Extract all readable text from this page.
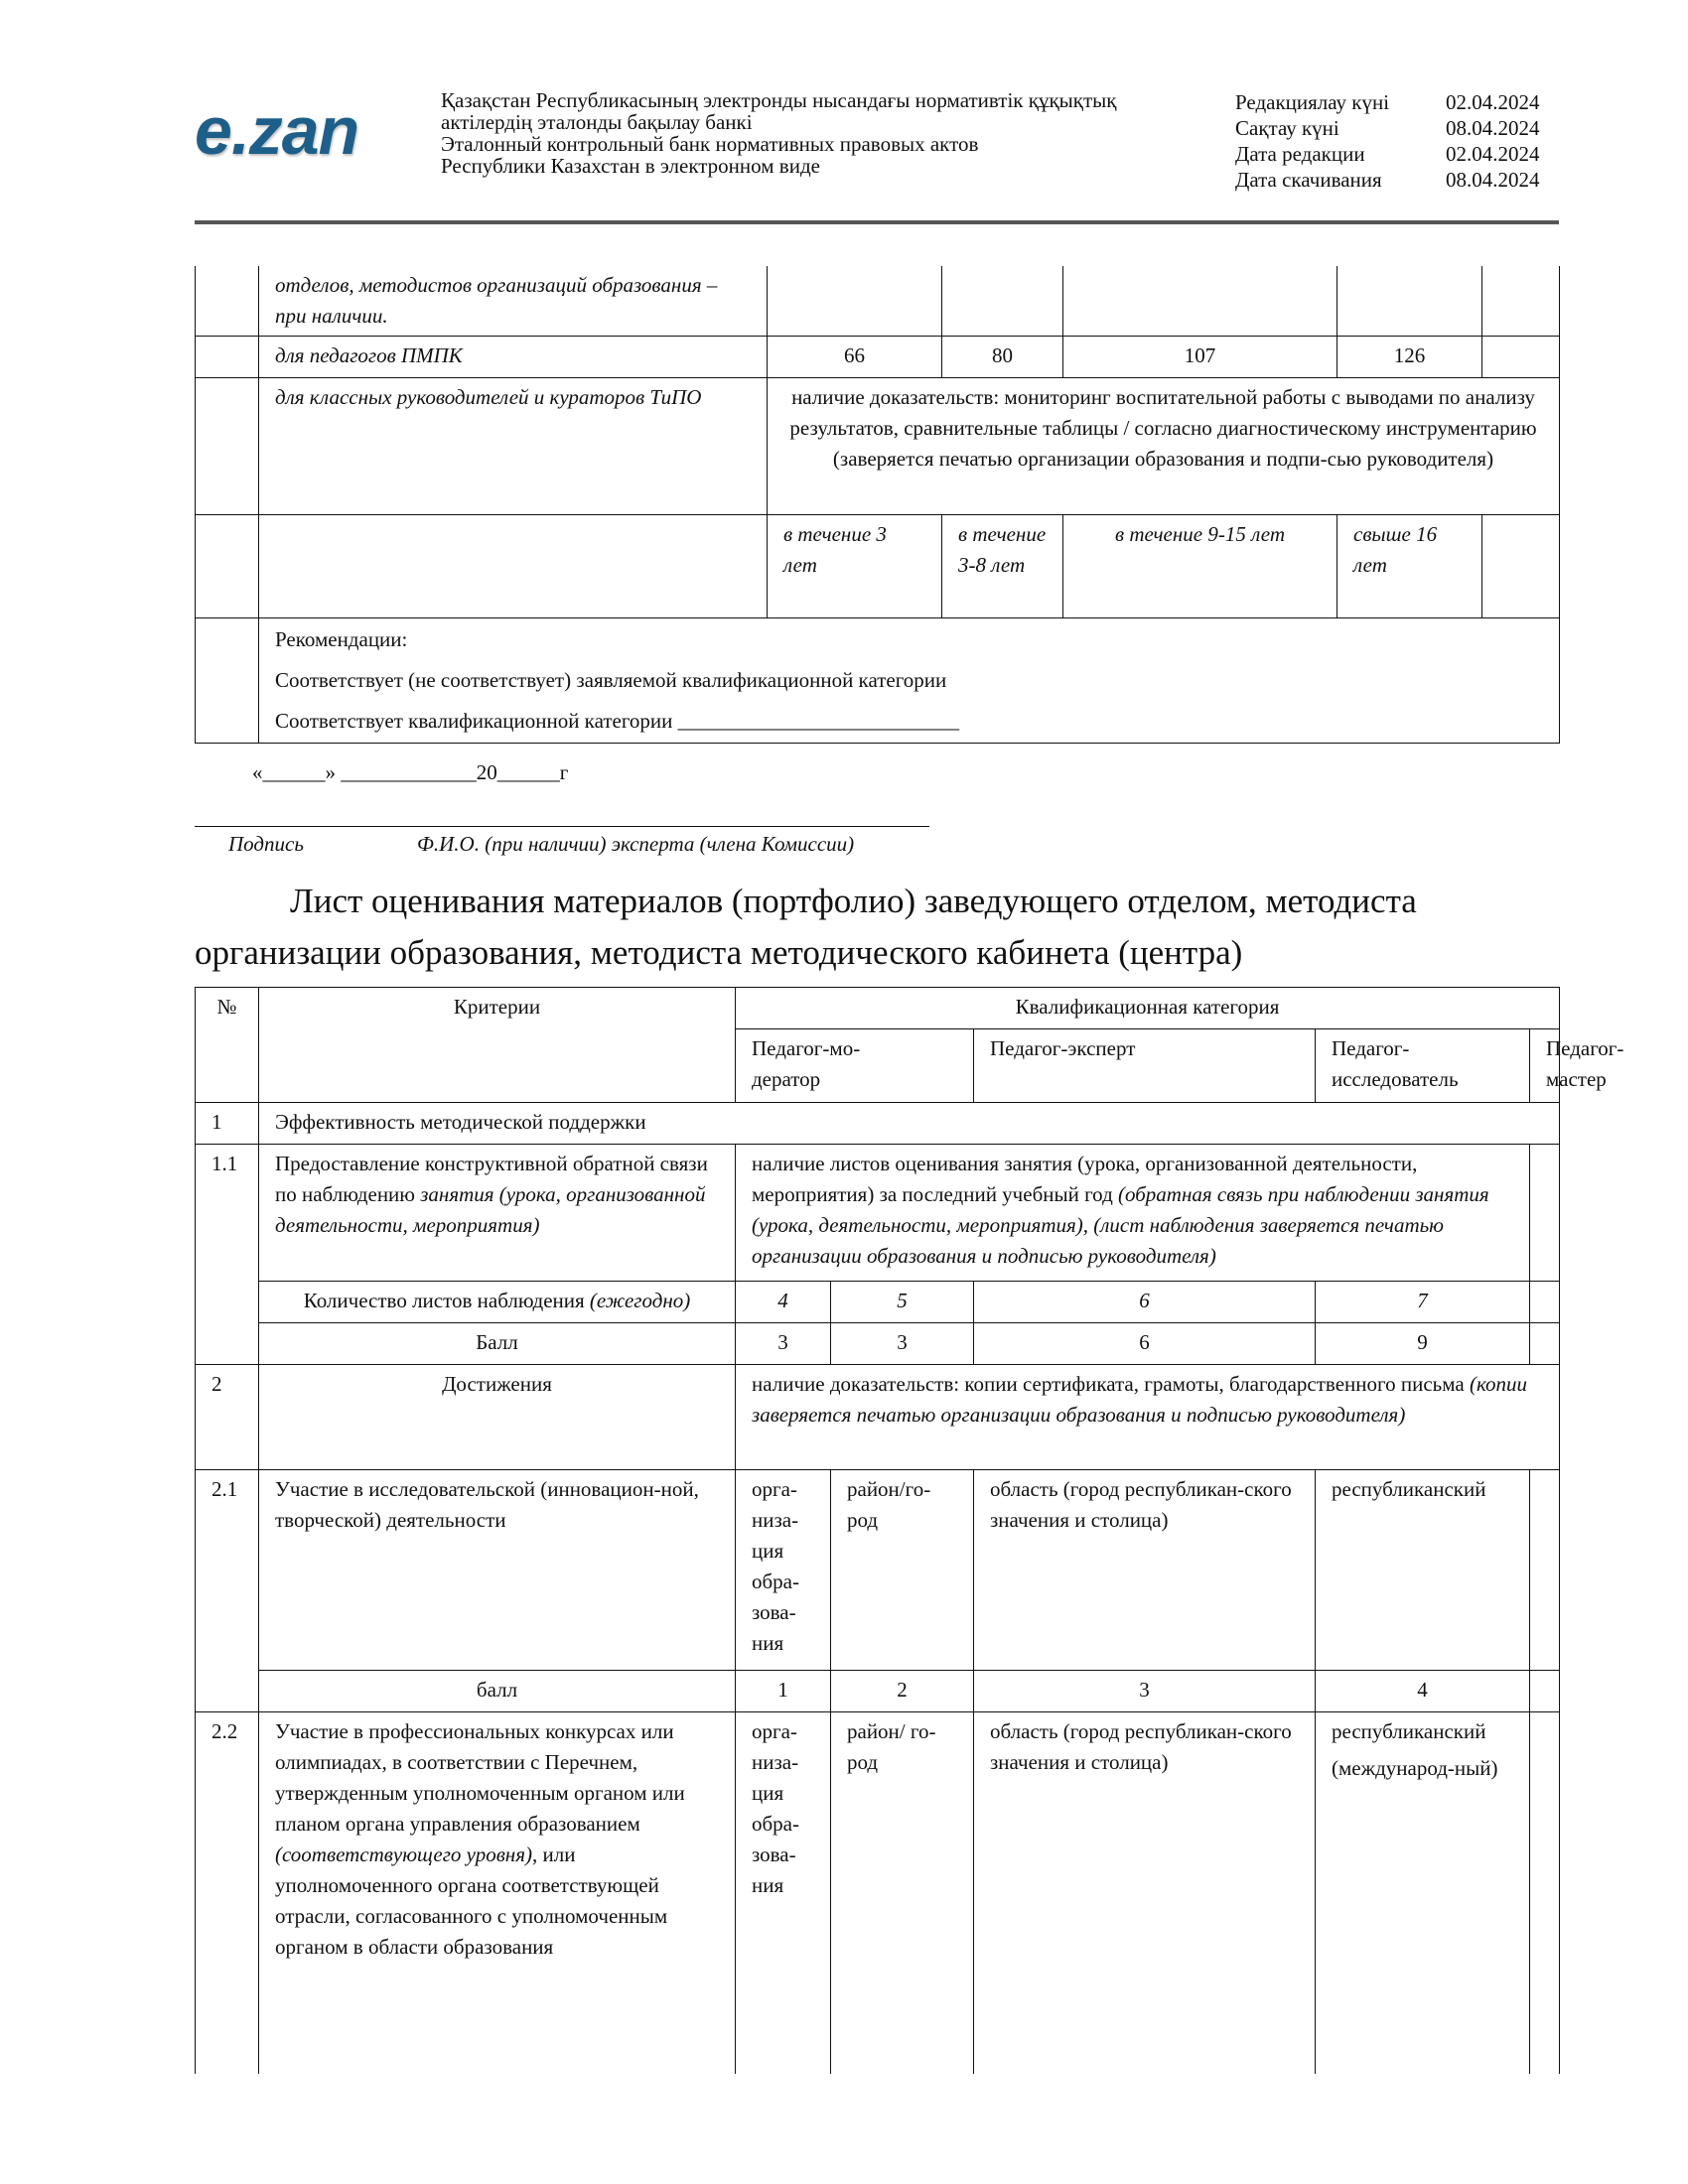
e.zan	Қазақстан Республикасының электронды нысандағы нормативтік құқықтық
актілердің эталонды бақылау банкі
Эталонный контрольный банк нормативных правовых актов
Республики Казахстан в электронном виде
Редакциялау күні	02.04.2024
Сақтау күні	08.04.2024
Дата редакции	02.04.2024
Дата скачивания	08.04.2024
	отделов, методистов организаций образования – при наличии.					
	для педагогов ПМПК	66	80	107	126	
	для классных руководителей и кураторов ТиПО	наличие доказательств: мониторинг воспитательной работы с выводами по анализу результатов, сравнительные таблицы / согласно диагностическому инструментарию (заверяется печатью организации образования и подпи-сью руководителя)				
		в течение 3 лет	в течение 3-8 лет	в течение 9-15 лет	свыше 16 лет	

	Рекомендации:

Соответствует (не соответствует) заявляемой квалификационной категории

Соответствует квалификационной категории ___________________________					

«______» _____________20______г
Подпись	Ф.И.О. (при наличии) эксперта (члена Комиссии)
Лист оценивания материалов (портфолио) заведующего отделом, методиста организации образования, методиста методического кабинета (центра)
№	Критерии	Квалификационная категория				

		Педагог-мо-дератор		Педагог-эксперт	Педагог-исследователь	Педагог-мастер

1	Эффективность методической поддержки					
1.1	Предоставление конструктивной обратной связи по наблюдению занятия (урока, организованной деятельности, мероприятия)	наличие листов оценивания занятия (урока, организованной деятельности, мероприятия) за последний учебный год (обратная связь при наблюдении занятия (урока, деятельности, мероприятия), (лист наблюдения заверяется печатью организации образования и подписью руководителя)				
	Количество листов наблюдения (ежегодно)	4	5	6	7	
	Балл	3	3	6	9	
2	Достижения	наличие доказательств: копии сертификата, грамоты, благодарственного письма (копии заверяется печатью организации образования и подписью руководителя)				
2.1	Участие в исследовательской (инновацион-ной, творческой) деятельности	орга-низа-ция обра-зова-ния	район/го-род	область (город республикан-ского значения и столица)	республиканский	
	балл	1	2	3	4	
2.2	Участие в профессиональных конкурсах или олимпиадах, в соответствии с Перечнем, утвержденным уполномоченным органом или планом органа управления образованием (соответствующего уровня), или уполномоченного органа соответствующей отрасли, согласованного с уполномоченным органом в области образования	орга-низа-ция обра-зова-ния	район/ го-род	область (город республикан-ского значения и столица)	республиканский
(международ-ный)	
